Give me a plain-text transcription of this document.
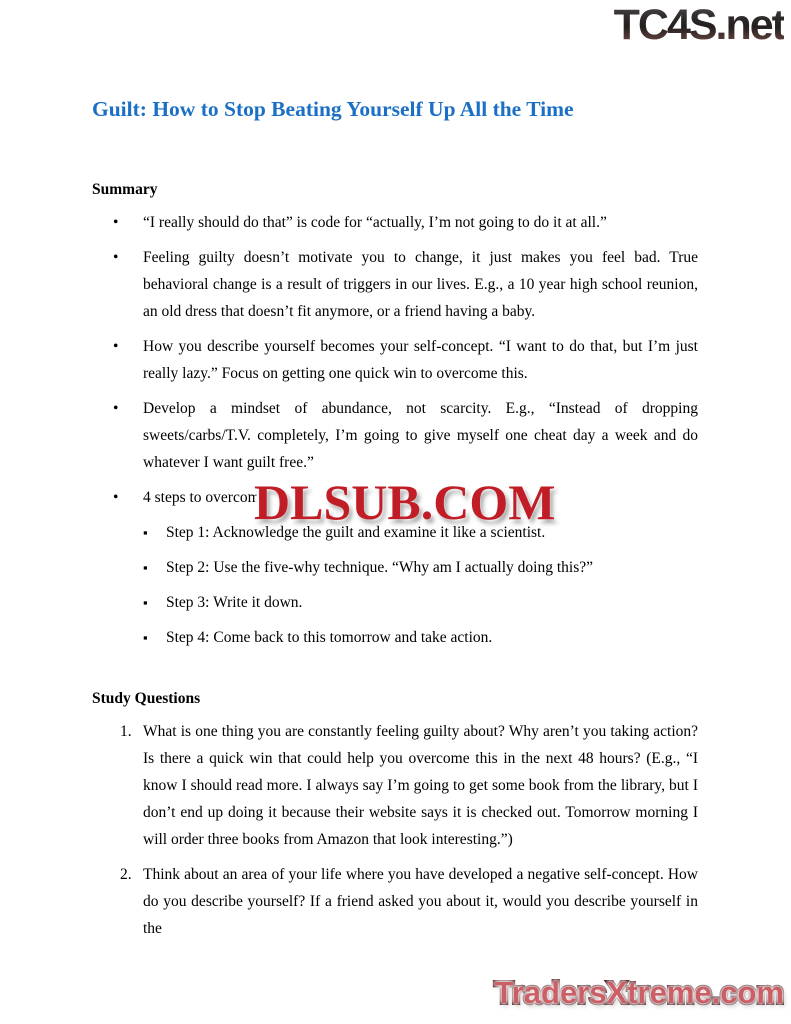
TC4S.net
Guilt: How to Stop Beating Yourself Up All the Time
Summary
• “I really should do that” is code for “actually, I’m not going to do it at all.”
• Feeling guilty doesn’t motivate you to change, it just makes you feel bad. True behavioral change is a result of triggers in our lives. E.g., a 10 year high school reunion, an old dress that doesn’t fit anymore, or a friend having a baby.
• How you describe yourself becomes your self-concept. “I want to do that, but I’m just really lazy.” Focus on getting one quick win to overcome this.
• Develop a mindset of abundance, not scarcity. E.g., “Instead of dropping sweets/carbs/T.V. completely, I’m going to give myself one cheat day a week and do whatever I want guilt free.”
• 4 steps to overcom
▪ Step 1: Acknowledge the guilt and examine it like a scientist.
▪ Step 2: Use the five-why technique. “Why am I actually doing this?”
▪ Step 3: Write it down.
▪ Step 4: Come back to this tomorrow and take action.
Study Questions
1. What is one thing you are constantly feeling guilty about? Why aren’t you taking action? Is there a quick win that could help you overcome this in the next 48 hours? (E.g., “I know I should read more. I always say I’m going to get some book from the library, but I don’t end up doing it because their website says it is checked out. Tomorrow morning I will order three books from Amazon that look interesting.”)
2. Think about an area of your life where you have developed a negative self-concept. How do you describe yourself? If a friend asked you about it, would you describe yourself in the
DLSUB.COM
TradersXtreme.com
